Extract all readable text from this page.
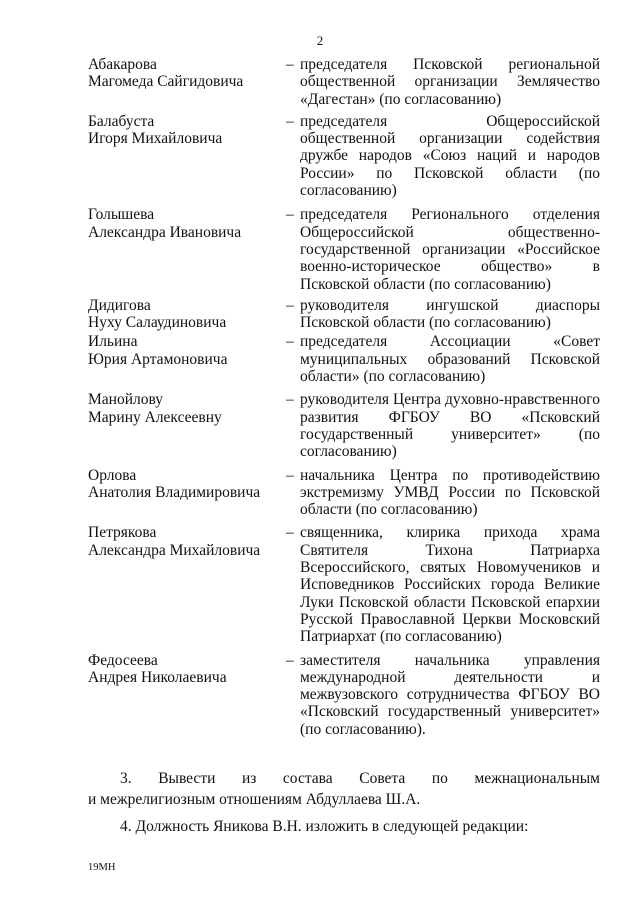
2
Абакарова
Магомеда Сайгидовича
– председателя Псковской региональной общественной организации Землячество «Дагестан» (по согласованию)
Балабуста
Игоря Михайловича
– председателя Общероссийской общественной организации содействия дружбе народов «Союз наций и народов России» по Псковской области (по согласованию)
Голышева
Александра Ивановича
– председателя Регионального отделения Общероссийской общественно-государственной организации «Российское военно-историческое общество» в Псковской области (по согласованию)
Дидигова
Нуху Салаудиновича
– руководителя ингушской диаспоры Псковской области (по согласованию)
Ильина
Юрия Артамоновича
– председателя Ассоциации «Совет муниципальных образований Псковской области» (по согласованию)
Манойлову
Марину Алексеевну
– руководителя Центра духовно-нравственного развития ФГБОУ ВО «Псковский государственный университет» (по согласованию)
Орлова
Анатолия Владимировича
– начальника Центра по противодействию экстремизму УМВД России по Псковской области (по согласованию)
Петрякова
Александра Михайловича
– священника, клирика прихода храма Святителя Тихона Патриарха Всероссийского, святых Новомучеников и Исповедников Российских города Великие Луки Псковской области Псковской епархии Русской Православной Церкви Московский Патриархат (по согласованию)
Федосеева
Андрея Николаевича
– заместителя начальника управления международной деятельности и межвузовского сотрудничества ФГБОУ ВО «Псковский государственный университет» (по согласованию).
3. Вывести из состава Совета по межнациональным
и межрелигиозным отношениям Абдуллаева Ш.А.
4. Должность Яникова В.Н. изложить в следующей редакции:
19МН
